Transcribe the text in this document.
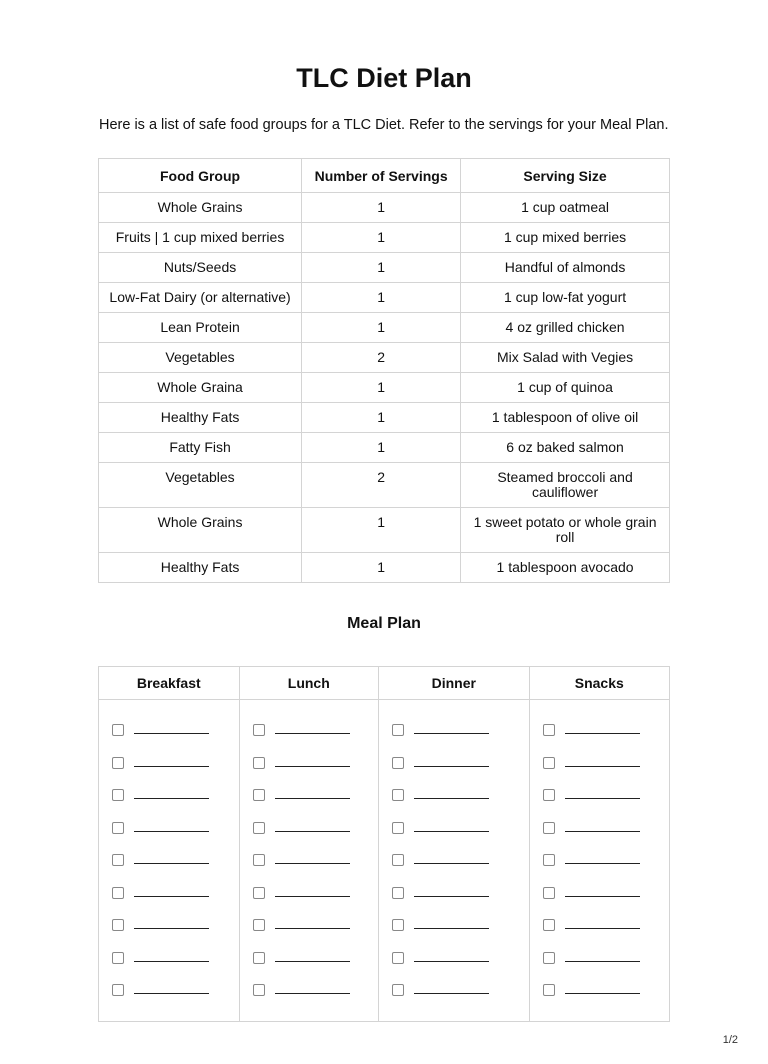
TLC Diet Plan

Here is a list of safe food groups for a TLC Diet. Refer to the servings for your Meal Plan.

Food Group	Number of Servings	Serving Size
Whole Grains	1	1 cup oatmeal
Fruits | 1 cup mixed berries	1	1 cup mixed berries
Nuts/Seeds	1	Handful of almonds
Low-Fat Dairy (or alternative)	1	1 cup low-fat yogurt
Lean Protein	1	4 oz grilled chicken
Vegetables	2	Mix Salad with Vegies
Whole Graina	1	1 cup of quinoa
Healthy Fats	1	1 tablespoon of olive oil
Fatty Fish	1	6 oz baked salmon
Vegetables	2	Steamed broccoli and cauliflower
Whole Grains	1	1 sweet potato or whole grain roll
Healthy Fats	1	1 tablespoon avocado
Meal Plan
Breakfast	Lunch	Dinner	Snacks
1/2
